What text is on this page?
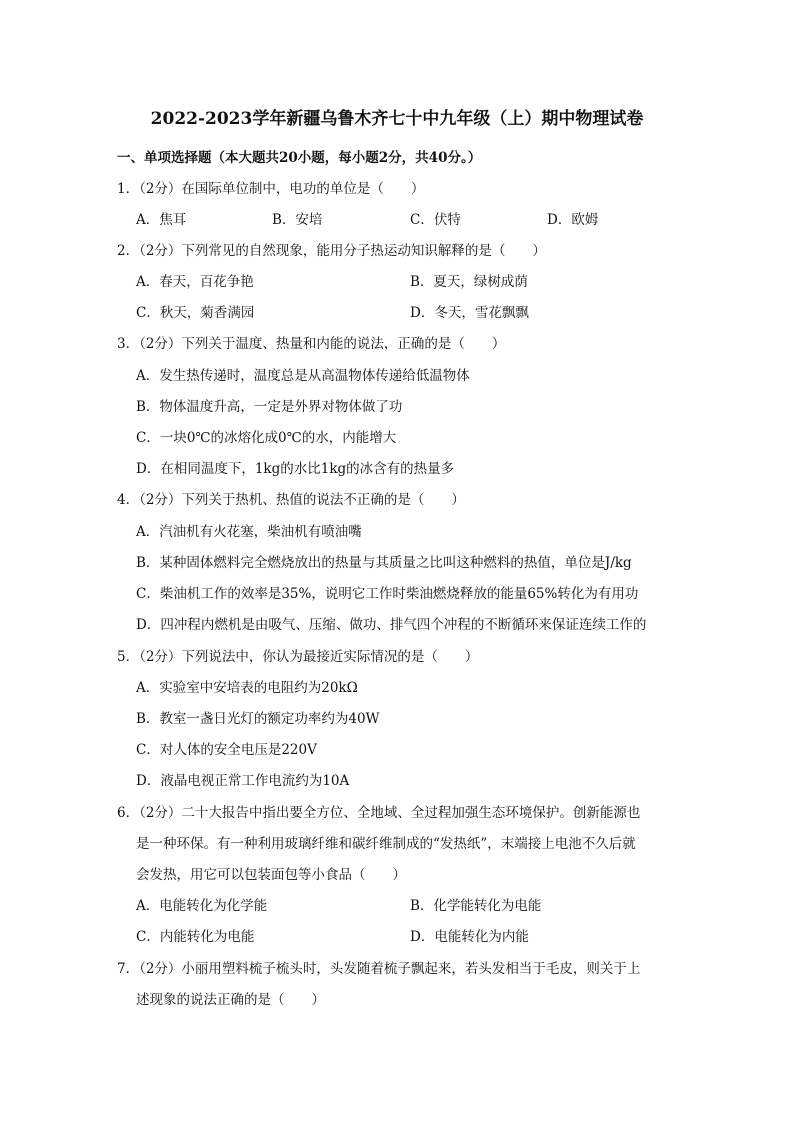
2022-2023学年新疆乌鲁木齐七十中九年级（上）期中物理试卷
一、单项选择题（本大题共20小题，每小题2分，共40分。）
1．（2分）在国际单位制中，电功的单位是（　　）
A．焦耳	B．安培	C．伏特	D．欧姆
2．（2分）下列常见的自然现象，能用分子热运动知识解释的是（　　）
A．春天，百花争艳	B．夏天，绿树成荫
C．秋天，菊香满园	D．冬天，雪花飘飘
3．（2分）下列关于温度、热量和内能的说法，正确的是（　　）
A．发生热传递时，温度总是从高温物体传递给低温物体
B．物体温度升高，一定是外界对物体做了功
C．一块0℃的冰熔化成0℃的水，内能增大
D．在相同温度下，1kg的水比1kg的冰含有的热量多
4．（2分）下列关于热机、热值的说法不正确的是（　　）
A．汽油机有火花塞，柴油机有喷油嘴
B．某种固体燃料完全燃烧放出的热量与其质量之比叫这种燃料的热值，单位是J/kg
C．柴油机工作的效率是35%，说明它工作时柴油燃烧释放的能量65%转化为有用功
D．四冲程内燃机是由吸气、压缩、做功、排气四个冲程的不断循环来保证连续工作的
5．（2分）下列说法中，你认为最接近实际情况的是（　　）
A．实验室中安培表的电阻约为20kΩ
B．教室一盏日光灯的额定功率约为40W
C．对人体的安全电压是220V
D．液晶电视正常工作电流约为10A
6．（2分）二十大报告中指出要全方位、全地域、全过程加强生态环境保护。创新能源也
是一种环保。有一种利用玻璃纤维和碳纤维制成的“发热纸”，末端接上电池不久后就
会发热，用它可以包装面包等小食品（　　）
A．电能转化为化学能	B．化学能转化为电能
C．内能转化为电能	D．电能转化为内能
7．（2分）小丽用塑料梳子梳头时，头发随着梳子飘起来，若头发相当于毛皮，则关于上
述现象的说法正确的是（　　）
